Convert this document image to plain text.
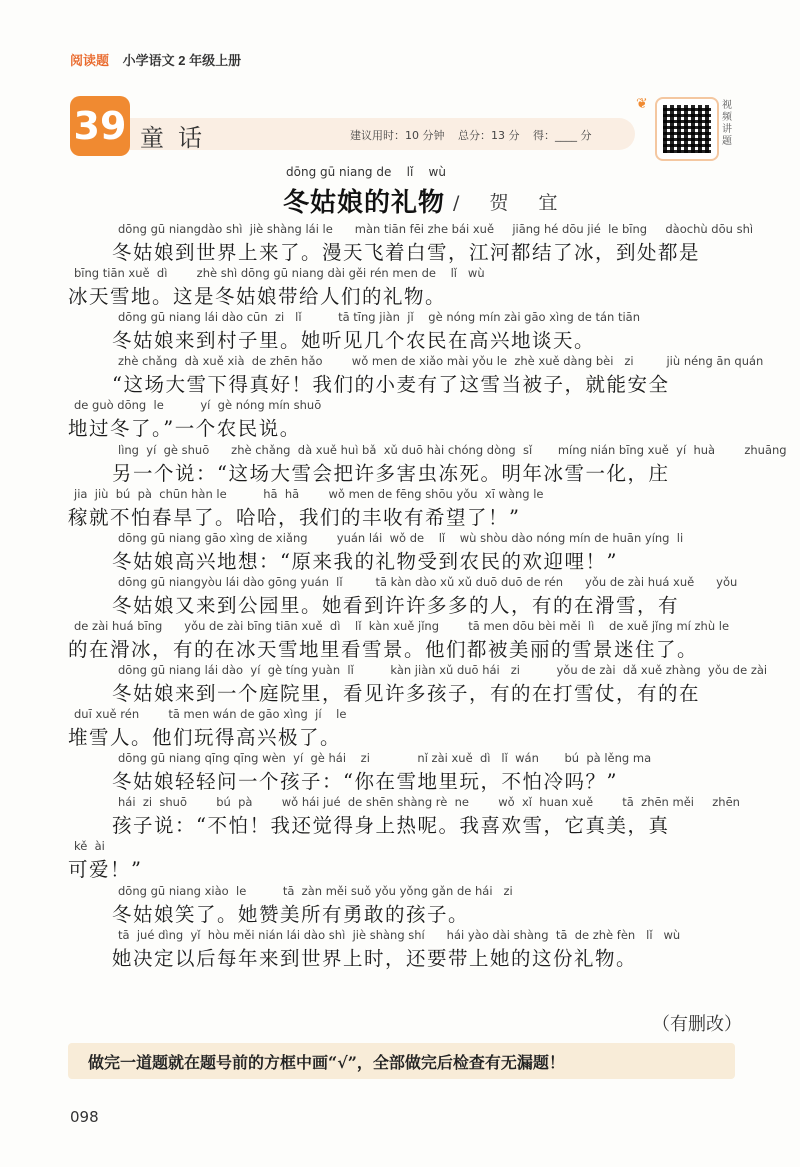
阅读题 小学语文 2 年级上册
39 童话	建议用时：10 分钟 总分：13 分 得：____ 分
❦	视频讲题
dōng gū niang de    lǐ    wù
冬姑娘的礼物 / 贺 宜
dōng gū niangdào shì  jiè shàng lái le      màn tiān fēi zhe bái xuě     jiāng hé dōu jié  le bīng     dàochù dōu shì
冬姑娘到世界上来了。漫天飞着白雪，江河都结了冰，到处都是
bīng tiān xuě  dì        zhè shì dōng gū niang dài gěi rén men de    lǐ   wù
冰天雪地。这是冬姑娘带给人们的礼物。
dōng gū niang lái dào cūn  zi   lǐ          tā tīng jiàn  jǐ    gè nóng mín zài gāo xìng de tán tiān
冬姑娘来到村子里。她听见几个农民在高兴地谈天。
zhè chǎng  dà xuě xià  de zhēn hǎo        wǒ men de xiǎo mài yǒu le  zhè xuě dàng bèi   zi         jiù néng ān quán
“这场大雪下得真好！我们的小麦有了这雪当被子，就能安全
de guò dōng  le          yí  gè nóng mín shuō
地过冬了。”一个农民说。
lìng  yí  gè shuō      zhè chǎng  dà xuě huì bǎ  xǔ duō hài chóng dòng  sǐ       míng nián bīng xuě  yí  huà        zhuāng
另一个说：“这场大雪会把许多害虫冻死。明年冰雪一化，庄
jia  jiù  bú  pà  chūn hàn le          hā  hā        wǒ men de fēng shōu yǒu  xī wàng le
稼就不怕春旱了。哈哈，我们的丰收有希望了！”
dōng gū niang gāo xìng de xiǎng        yuán lái  wǒ de    lǐ    wù shòu dào nóng mín de huān yíng  li
冬姑娘高兴地想：“原来我的礼物受到农民的欢迎哩！”
dōng gū niangyòu lái dào gōng yuán  lǐ         tā kàn dào xǔ xǔ duō duō de rén      yǒu de zài huá xuě      yǒu
冬姑娘又来到公园里。她看到许许多多的人，有的在滑雪，有
de zài huá bīng      yǒu de zài bīng tiān xuě  dì    lǐ  kàn xuě jǐng        tā men dōu bèi měi  lì    de xuě jǐng mí zhù le
的在滑冰，有的在冰天雪地里看雪景。他们都被美丽的雪景迷住了。
dōng gū niang lái dào  yí  gè tíng yuàn  lǐ          kàn jiàn xǔ duō hái   zi          yǒu de zài  dǎ xuě zhàng  yǒu de zài
冬姑娘来到一个庭院里，看见许多孩子，有的在打雪仗，有的在
duī xuě rén        tā men wán de gāo xìng  jí    le
堆雪人。他们玩得高兴极了。
dōng gū niang qīng qīng wèn  yí  gè hái    zi             nǐ zài xuě  dì   lǐ  wán       bú  pà lěng ma
冬姑娘轻轻问一个孩子：“你在雪地里玩，不怕冷吗？”
hái  zi  shuō        bú  pà        wǒ hái jué  de shēn shàng rè  ne        wǒ  xǐ  huan xuě        tā  zhēn měi     zhēn
孩子说：“不怕！我还觉得身上热呢。我喜欢雪，它真美，真
kě  ài
可爱！”
dōng gū niang xiào  le          tā  zàn měi suǒ yǒu yǒng gǎn de hái   zi
冬姑娘笑了。她赞美所有勇敢的孩子。
tā  jué dìng  yǐ  hòu měi nián lái dào shì  jiè shàng shí      hái yào dài shàng  tā  de zhè fèn   lǐ   wù
她决定以后每年来到世界上时，还要带上她的这份礼物。
（有删改）
做完一道题就在题号前的方框中画“√”，全部做完后检查有无漏题！
098
